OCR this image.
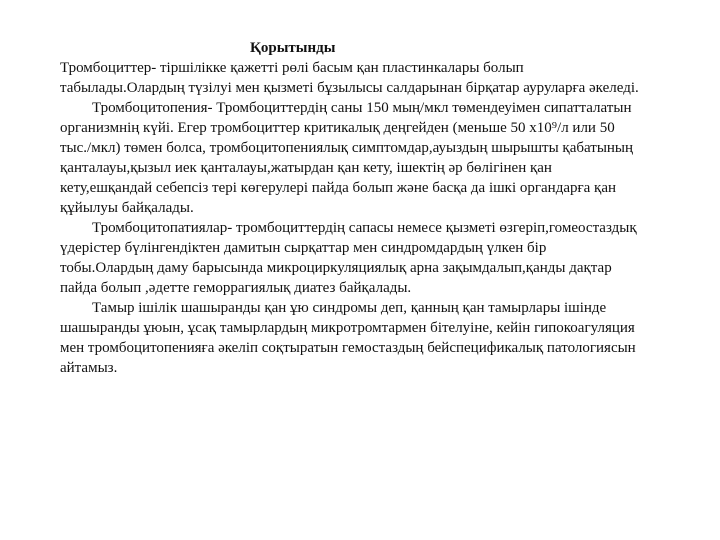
Қорытынды

Тромбоциттер- тіршілікке қажетті рөлі басым қан пластинкалары болып табылады.Олардың түзілуі мен қызметі бұзылысы салдарынан бірқатар ауруларға әкеледі.

Тромбоцитопения- Тромбоциттердің саны 150 мың/мкл төмендеуімен сипатталатын организмнің күйі. Егер тромбоциттер критикалық деңгейден (меньше 50 х10⁹/л или 50 тыс./мкл) төмен болса, тромбоцитопениялық симптомдар,ауыздың шырышты қабатының қанталауы,қызыл иек қанталауы,жатырдан қан кету, ішектің әр бөлігінен қан кету,ешқандай себепсіз тері көгерулері пайда болып және басқа да ішкі органдарға қан құйылуы байқалады.

Тромбоцитопатиялар- тромбоциттердің сапасы немесе қызметі өзгеріп,гомеостаздық үдерістер бүлінгендіктен дамитын сырқаттар мен синдромдардың үлкен бір тобы.Олардың даму барысында микроциркуляциялық арна зақымдалып,қанды дақтар пайда болып ,әдетте геморрагиялық диатез байқалады.

Тамыр ішілік шашыранды қан ұю синдромы деп, қанның қан тамырлары ішінде шашыранды ұюын, ұсақ тамырлардың микротромтармен бітелуіне, кейін гипокоагуляция мен тромбоцитопенияға әкеліп соқтыратын гемостаздың бейспецификалық патологиясын айтамыз.
